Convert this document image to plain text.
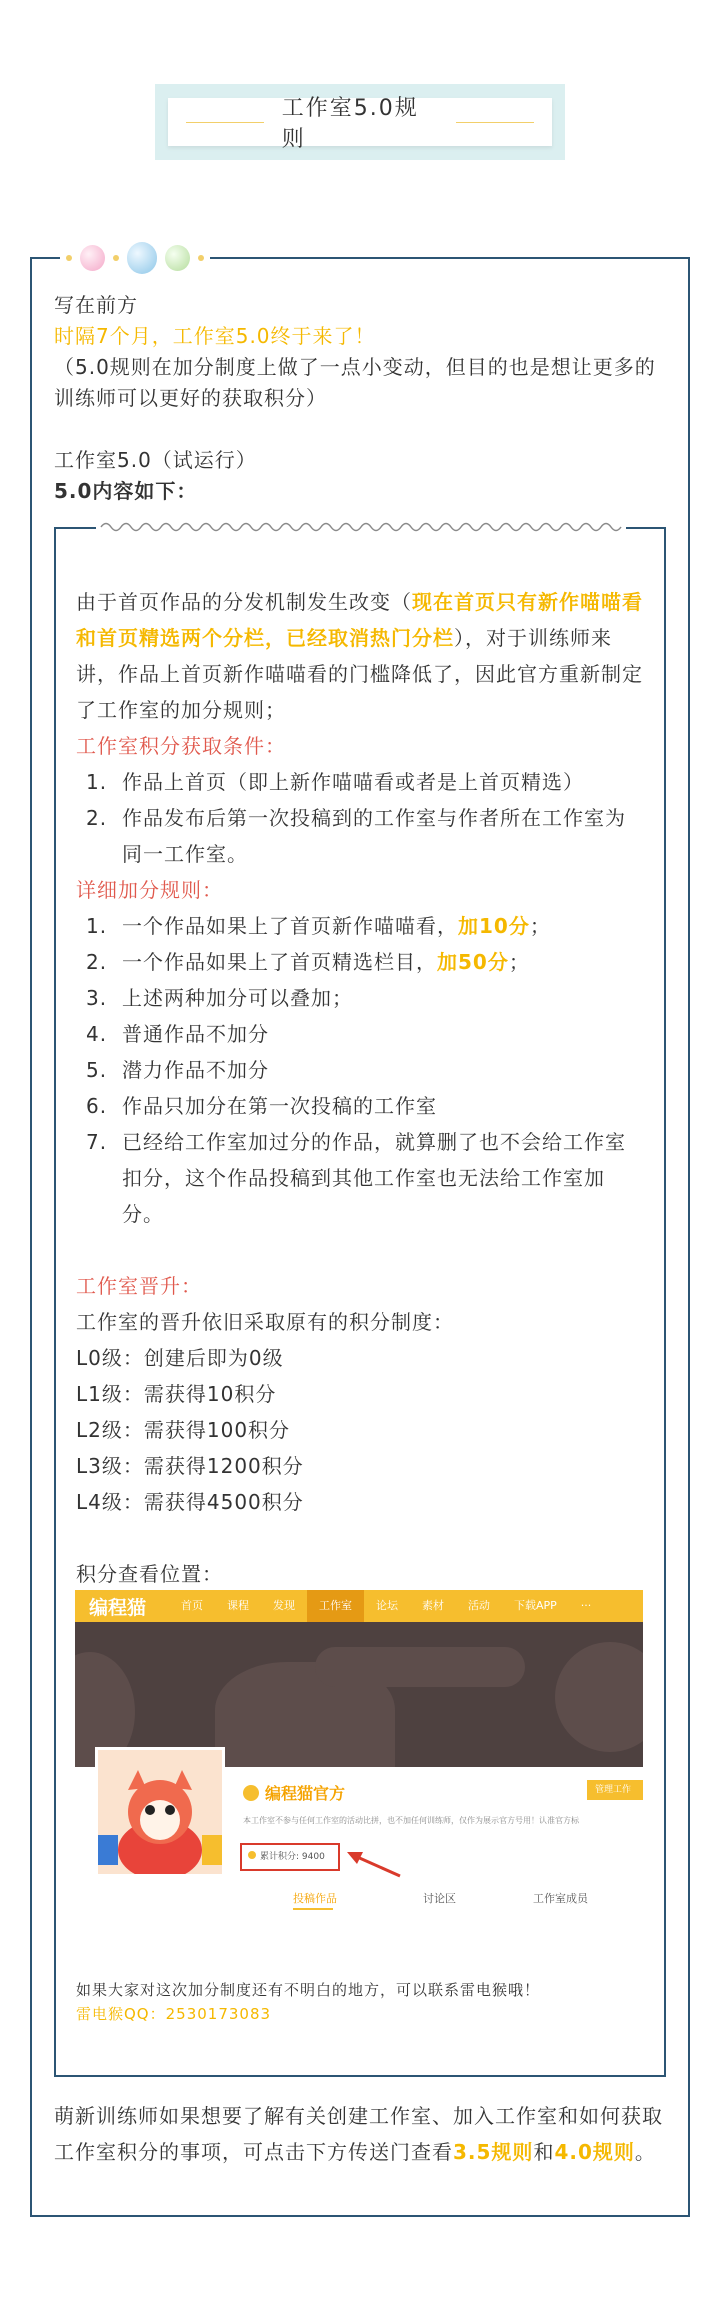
工作室5.0规则
写在前方
时隔7个月，工作室5.0终于来了！
（5.0规则在加分制度上做了一点小变动，但目的也是想让更多的训练师可以更好的获取积分）
工作室5.0（试运行）
5.0内容如下：
由于首页作品的分发机制发生改变（现在首页只有新作喵喵看和首页精选两个分栏，已经取消热门分栏），对于训练师来讲，作品上首页新作喵喵看的门槛降低了，因此官方重新制定了工作室的加分规则；
工作室积分获取条件：
1. 作品上首页（即上新作喵喵看或者是上首页精选）
2. 作品发布后第一次投稿到的工作室与作者所在工作室为同一工作室。
详细加分规则：
1. 一个作品如果上了首页新作喵喵看，加10分；
2. 一个作品如果上了首页精选栏目，加50分；
3. 上述两种加分可以叠加；
4. 普通作品不加分
5. 潜力作品不加分
6. 作品只加分在第一次投稿的工作室
7. 已经给工作室加过分的作品，就算删了也不会给工作室扣分，这个作品投稿到其他工作室也无法给工作室加分。
工作室晋升：
工作室的晋升依旧采取原有的积分制度：
L0级：创建后即为0级
L1级：需获得10积分
L2级：需获得100积分
L3级：需获得1200积分
L4级：需获得4500积分
积分查看位置：
编程猫	首页	课程	发现	工作室	论坛	素材	活动	下载APP	···
编程猫官方	管理工作
本工作室不参与任何工作室的活动比拼，也不加任何训练师，仅作为展示官方号用！认准官方标
累计积分: 9400
投稿作品	讨论区	工作室成员
如果大家对这次加分制度还有不明白的地方，可以联系雷电猴哦！
雷电猴QQ：2530173083
萌新训练师如果想要了解有关创建工作室、加入工作室和如何获取工作室积分的事项，可点击下方传送门查看3.5规则和4.0规则。
